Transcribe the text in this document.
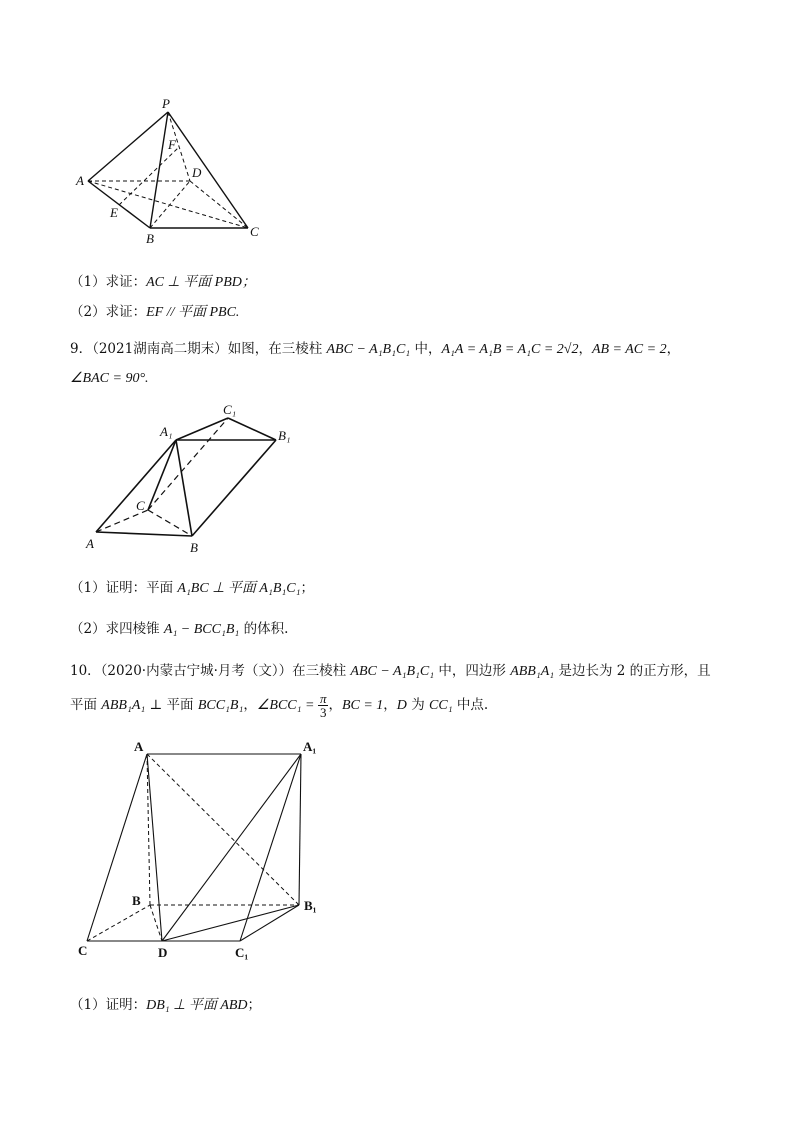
P
F
D
A
E
B	C
（1）求证：AC ⊥ 平面 PBD；
（2）求证：EF // 平面 PBC.
9．（2021湖南高二期末）如图，在三棱柱 ABC − A₁B₁C₁ 中，A₁A = A₁B = A₁C = 2√2，AB = AC = 2，
∠BAC = 90°.
C₁
A₁	B₁
C
A	B
（1）证明：平面 A₁BC ⊥ 平面 A₁B₁C₁；
（2）求四棱锥 A₁ − BCC₁B₁ 的体积.
10．（2020·内蒙古宁城·月考（文））在三棱柱 ABC − A₁B₁C₁ 中，四边形 ABB₁A₁ 是边长为 2 的正方形，且
平面 ABB₁A₁ ⊥ 平面 BCC₁B₁，∠BCC₁ = $\frac{\pi}{3}$ ，BC = 1，D 为 CC₁ 中点.
A	A₁
B	B₁
C	D	C₁
（1）证明：DB₁ ⊥ 平面 ABD；
